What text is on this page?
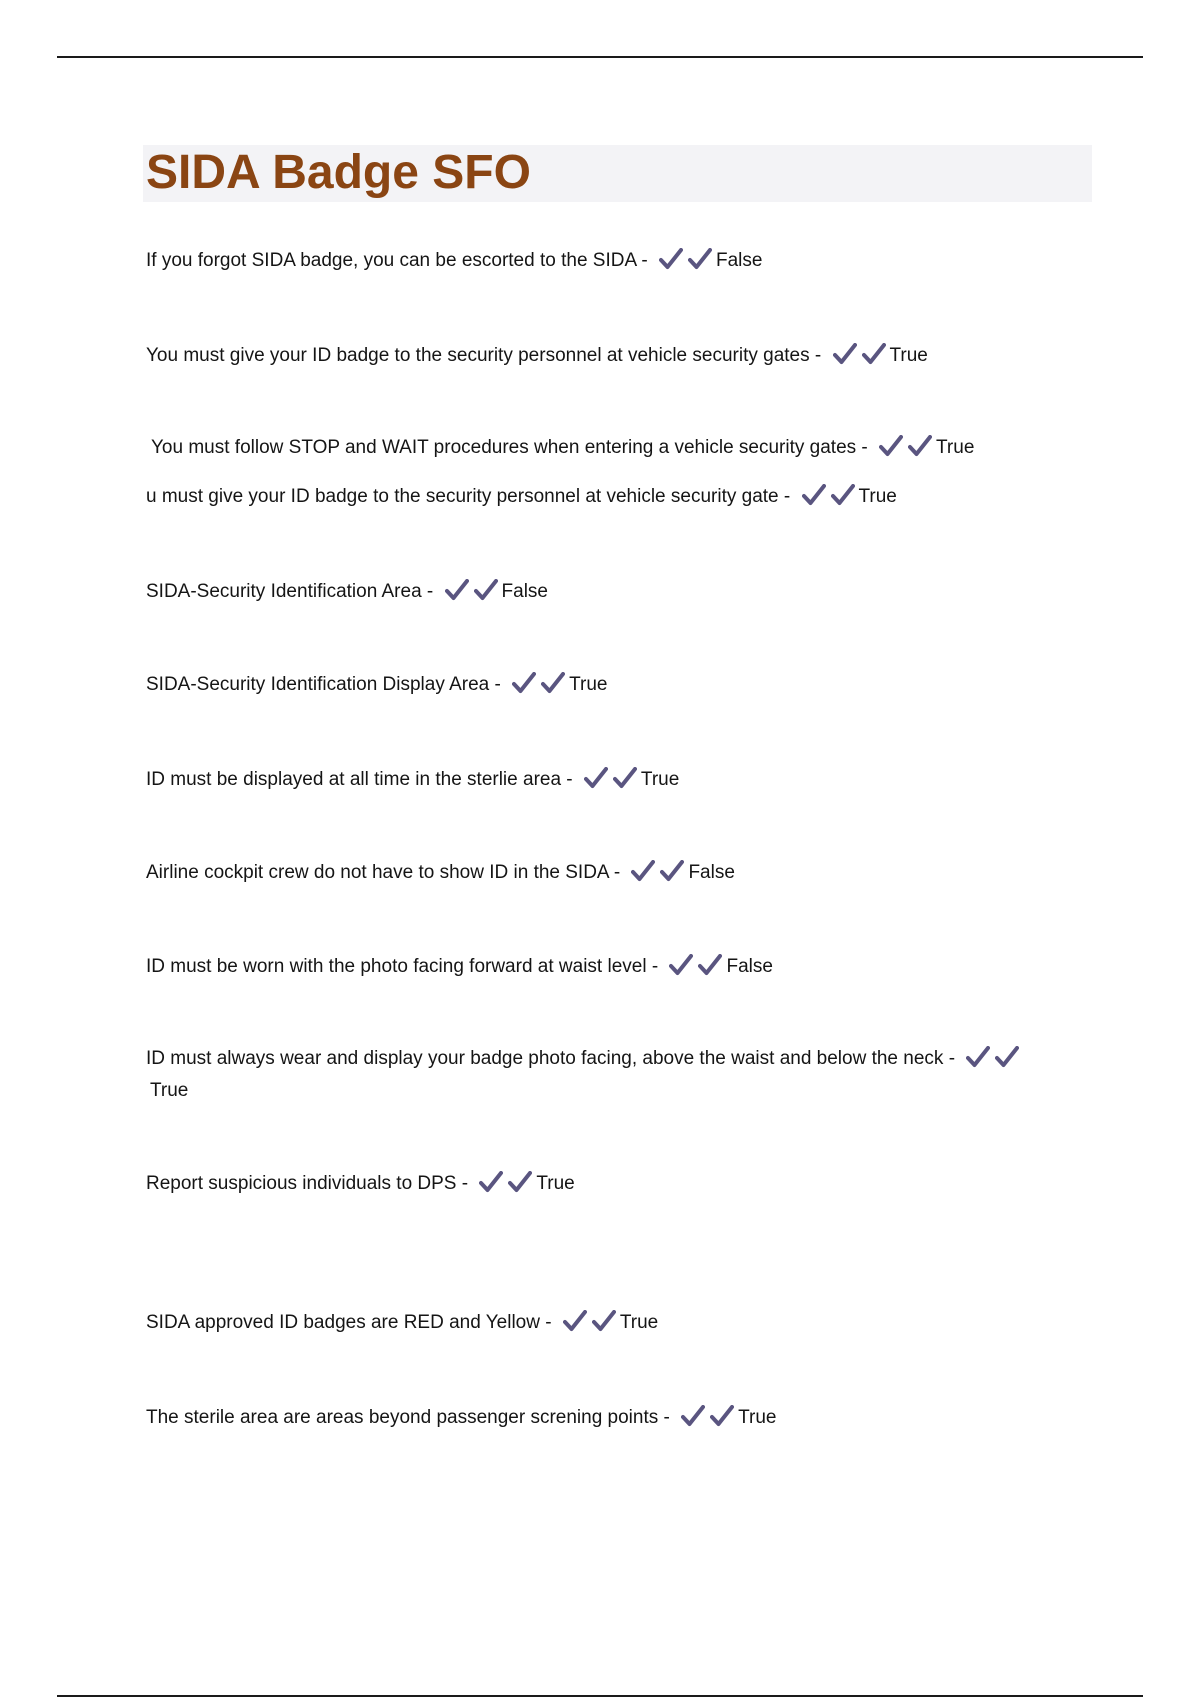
SIDA Badge SFO
If you forgot SIDA badge, you can be escorted to the SIDA -	False
You must give your ID badge to the security personnel at vehicle security gates -	True
You must follow STOP and WAIT procedures when entering a vehicle security gates -	True
u must give your ID badge to the security personnel at vehicle security gate -	True
SIDA-Security Identification Area -	False
SIDA-Security Identification Display Area -	True
ID must be displayed at all time in the sterlie area -	True
Airline cockpit crew do not have to show ID in the SIDA -	False
ID must be worn with the photo facing forward at waist level -	False
ID must always wear and display your badge photo facing, above the waist and below the neck - True
Report suspicious individuals to DPS -	True
SIDA approved ID badges are RED and Yellow -	True
The sterile area are areas beyond passenger screning points -	True
